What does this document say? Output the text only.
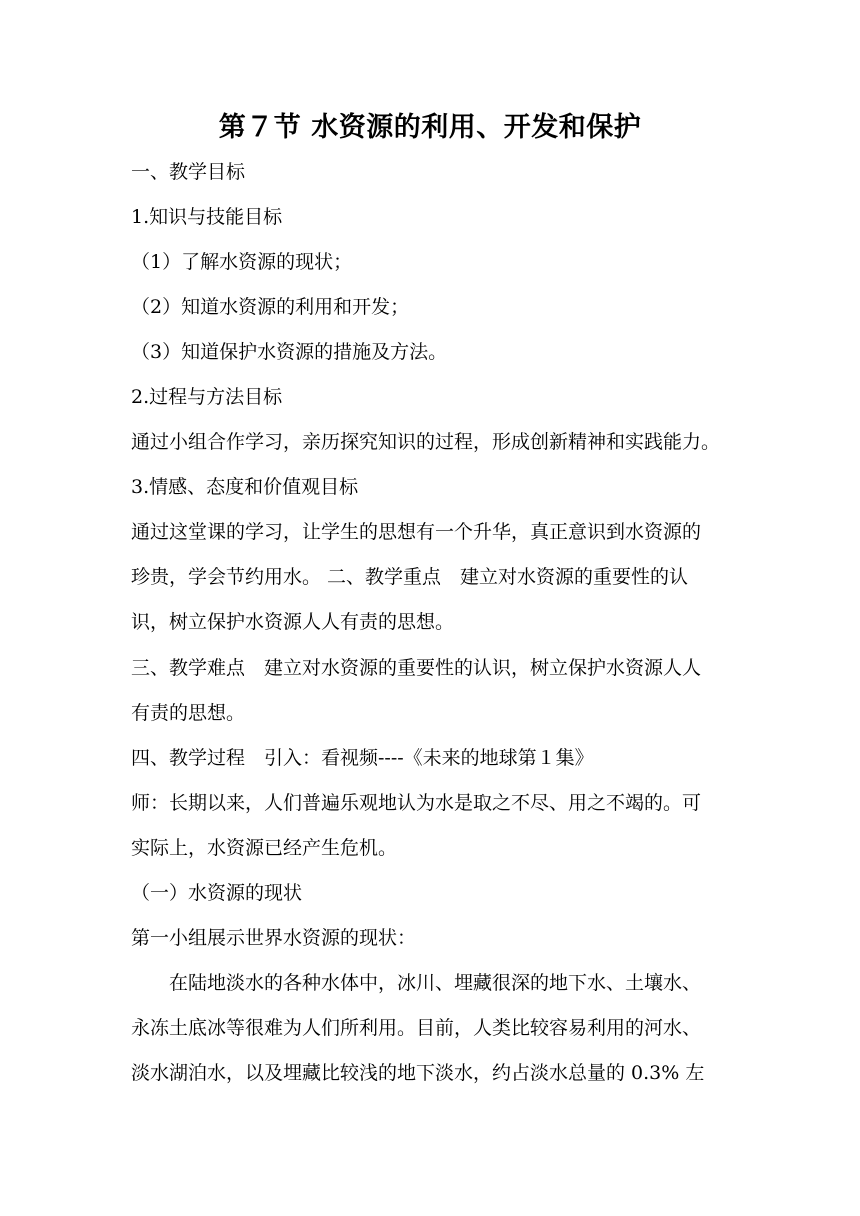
第７节 水资源的利用、开发和保护
一、教学目标
1.知识与技能目标
（1）了解水资源的现状；
（2）知道水资源的利用和开发；
（3）知道保护水资源的措施及方法。
2.过程与方法目标
通过小组合作学习，亲历探究知识的过程，形成创新精神和实践能力。
3.情感、态度和价值观目标
通过这堂课的学习，让学生的思想有一个升华，真正意识到水资源的
珍贵，学会节约用水。 二、教学重点　建立对水资源的重要性的认
识，树立保护水资源人人有责的思想。
三、教学难点　建立对水资源的重要性的认识，树立保护水资源人人
有责的思想。
四、教学过程　引入：看视频----《未来的地球第１集》
师：长期以来，人们普遍乐观地认为水是取之不尽、用之不竭的。可
实际上，水资源已经产生危机。
（一）水资源的现状
第一小组展示世界水资源的现状：
　　在陆地淡水的各种水体中，冰川、埋藏很深的地下水、土壤水、
永冻土底冰等很难为人们所利用。目前，人类比较容易利用的河水、
淡水湖泊水，以及埋藏比较浅的地下淡水，约占淡水总量的 0.3% 左
